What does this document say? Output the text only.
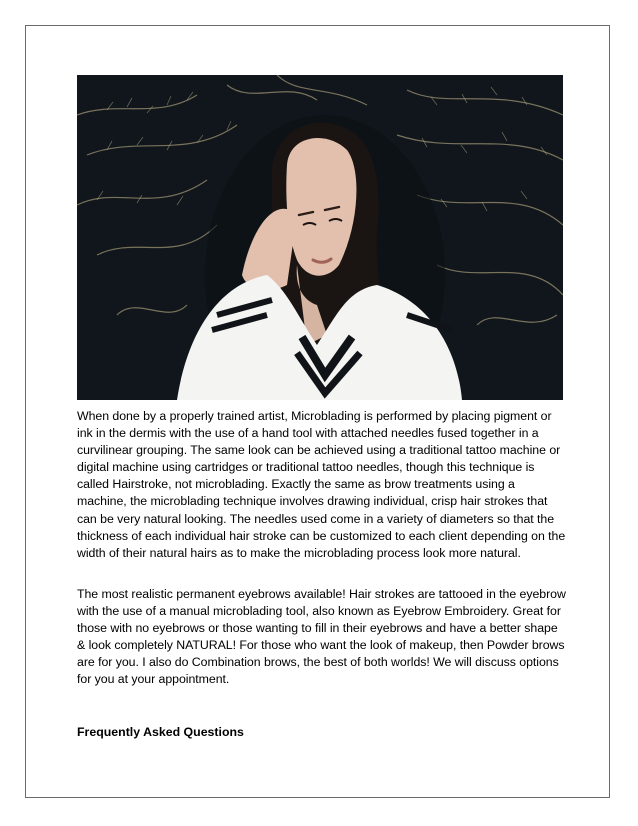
When done by a properly trained artist, Microblading is performed by placing pigment or ink in the dermis with the use of a hand tool with attached needles fused together in a curvilinear grouping. The same look can be achieved using a traditional tattoo machine or digital machine using cartridges or traditional tattoo needles, though this technique is called Hairstroke, not microblading. Exactly the same as brow treatments using a machine, the microblading technique involves drawing individual, crisp hair strokes that can be very natural looking. The needles used come in a variety of diameters so that the thickness of each individual hair stroke can be customized to each client depending on the width of their natural hairs as to make the microblading process look more natural.

The most realistic permanent eyebrows available! Hair strokes are tattooed in the eyebrow with the use of a manual microblading tool, also known as Eyebrow Embroidery. Great for those with no eyebrows or those wanting to fill in their eyebrows and have a better shape & look completely NATURAL! For those who want the look of makeup, then Powder brows are for you. I also do Combination brows, the best of both worlds! We will discuss options for you at your appointment.

Frequently Asked Questions
